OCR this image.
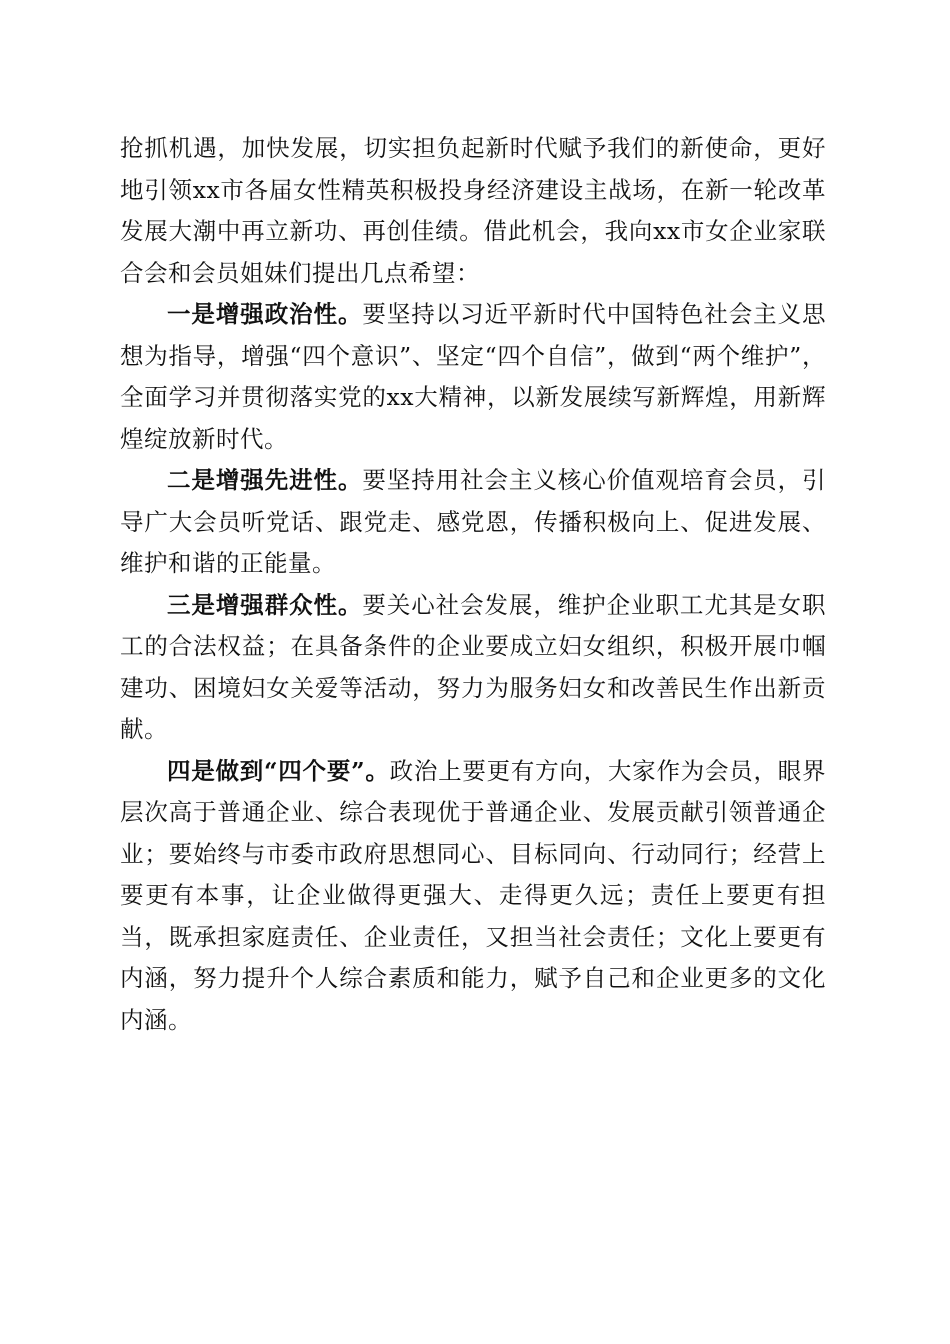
抢抓机遇，加快发展，切实担负起新时代赋予我们的新使命，更好地引领xx市各届女性精英积极投身经济建设主战场，在新一轮改革发展大潮中再立新功、再创佳绩。借此机会，我向xx市女企业家联合会和会员姐妹们提出几点希望：

一是增强政治性。要坚持以习近平新时代中国特色社会主义思想为指导，增强“四个意识”、坚定“四个自信”，做到“两个维护”，全面学习并贯彻落实党的xx大精神，以新发展续写新辉煌，用新辉煌绽放新时代。

二是增强先进性。要坚持用社会主义核心价值观培育会员，引导广大会员听党话、跟党走、感党恩，传播积极向上、促进发展、维护和谐的正能量。

三是增强群众性。要关心社会发展，维护企业职工尤其是女职工的合法权益；在具备条件的企业要成立妇女组织，积极开展巾帼建功、困境妇女关爱等活动，努力为服务妇女和改善民生作出新贡献。

四是做到“四个要”。政治上要更有方向，大家作为会员，眼界层次高于普通企业、综合表现优于普通企业、发展贡献引领普通企业；要始终与市委市政府思想同心、目标同向、行动同行；经营上要更有本事，让企业做得更强大、走得更久远；责任上要更有担当，既承担家庭责任、企业责任，又担当社会责任；文化上要更有内涵，努力提升个人综合素质和能力，赋予自己和企业更多的文化内涵。
